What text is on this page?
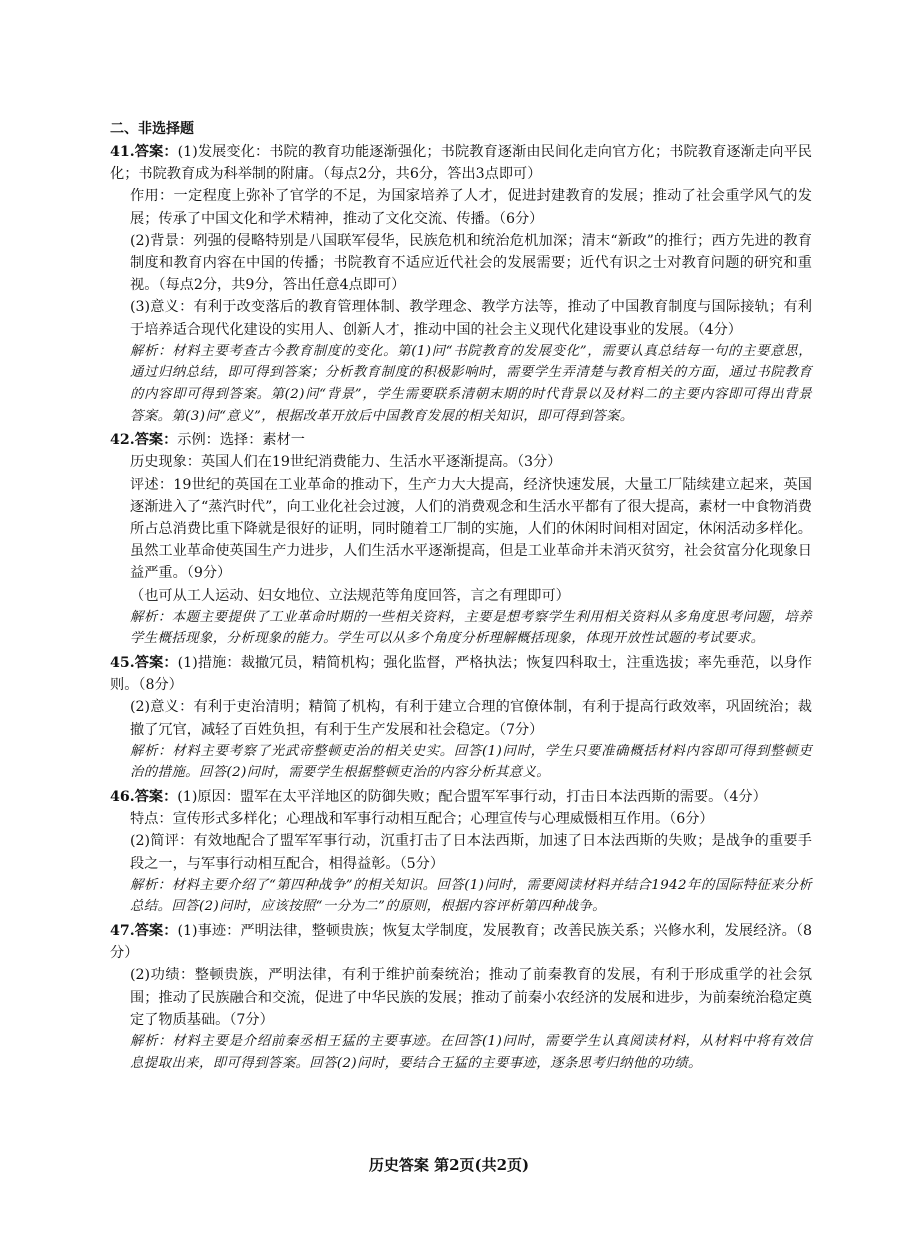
二、非选择题
41.答案：(1)发展变化：书院的教育功能逐渐强化；书院教育逐渐由民间化走向官方化；书院教育逐渐走向平民化；书院教育成为科举制的附庸。（每点2分，共6分，答出3点即可）
作用：一定程度上弥补了官学的不足，为国家培养了人才，促进封建教育的发展；推动了社会重学风气的发展；传承了中国文化和学术精神，推动了文化交流、传播。（6分）
(2)背景：列强的侵略特别是八国联军侵华，民族危机和统治危机加深；清末“新政”的推行；西方先进的教育制度和教育内容在中国的传播；书院教育不适应近代社会的发展需要；近代有识之士对教育问题的研究和重视。（每点2分，共9分，答出任意4点即可）
(3)意义：有利于改变落后的教育管理体制、教学理念、教学方法等，推动了中国教育制度与国际接轨；有利于培养适合现代化建设的实用人、创新人才，推动中国的社会主义现代化建设事业的发展。（4分）
解析：材料主要考查古今教育制度的变化。第(1)问“书院教育的发展变化”，需要认真总结每一句的主要意思，通过归纳总结，即可得到答案；分析教育制度的积极影响时，需要学生弄清楚与教育相关的方面，通过书院教育的内容即可得到答案。第(2)问“背景”，学生需要联系清朝末期的时代背景以及材料二的主要内容即可得出背景答案。第(3)问“意义”，根据改革开放后中国教育发展的相关知识，即可得到答案。
42.答案：示例：选择：素材一
历史现象：英国人们在19世纪消费能力、生活水平逐渐提高。（3分）
评述：19世纪的英国在工业革命的推动下，生产力大大提高，经济快速发展，大量工厂陆续建立起来，英国逐渐进入了“蒸汽时代”，向工业化社会过渡，人们的消费观念和生活水平都有了很大提高，素材一中食物消费所占总消费比重下降就是很好的证明，同时随着工厂制的实施，人们的休闲时间相对固定，休闲活动多样化。虽然工业革命使英国生产力进步，人们生活水平逐渐提高，但是工业革命并未消灭贫穷，社会贫富分化现象日益严重。（9分）
（也可从工人运动、妇女地位、立法规范等角度回答，言之有理即可）
解析：本题主要提供了工业革命时期的一些相关资料，主要是想考察学生利用相关资料从多角度思考问题，培养学生概括现象，分析现象的能力。学生可以从多个角度分析理解概括现象，体现开放性试题的考试要求。
45.答案：(1)措施：裁撤冗员，精简机构；强化监督，严格执法；恢复四科取士，注重选拔；率先垂范，以身作则。（8分）
(2)意义：有利于吏治清明；精简了机构，有利于建立合理的官僚体制，有利于提高行政效率，巩固统治；裁撤了冗官，减轻了百姓负担，有利于生产发展和社会稳定。（7分）
解析：材料主要考察了光武帝整顿吏治的相关史实。回答(1)问时，学生只要准确概括材料内容即可得到整顿吏治的措施。回答(2)问时，需要学生根据整顿吏治的内容分析其意义。
46.答案：(1)原因：盟军在太平洋地区的防御失败；配合盟军军事行动，打击日本法西斯的需要。（4分）
特点：宣传形式多样化；心理战和军事行动相互配合；心理宣传与心理威慑相互作用。（6分）
(2)简评：有效地配合了盟军军事行动，沉重打击了日本法西斯，加速了日本法西斯的失败；是战争的重要手段之一，与军事行动相互配合，相得益彰。（5分）
解析：材料主要介绍了“第四种战争”的相关知识。回答(1)问时，需要阅读材料并结合1942年的国际特征来分析总结。回答(2)问时，应该按照“一分为二”的原则，根据内容评析第四种战争。
47.答案：(1)事迹：严明法律，整顿贵族；恢复太学制度，发展教育；改善民族关系；兴修水利，发展经济。（8分）
(2)功绩：整顿贵族，严明法律，有利于维护前秦统治；推动了前秦教育的发展，有利于形成重学的社会氛围；推动了民族融合和交流，促进了中华民族的发展；推动了前秦小农经济的发展和进步，为前秦统治稳定奠定了物质基础。（7分）
解析：材料主要是介绍前秦丞相王猛的主要事迹。在回答(1)问时，需要学生认真阅读材料，从材料中将有效信息提取出来，即可得到答案。回答(2)问时，要结合王猛的主要事迹，逐条思考归纳他的功绩。
历史答案 第2页(共2页)
